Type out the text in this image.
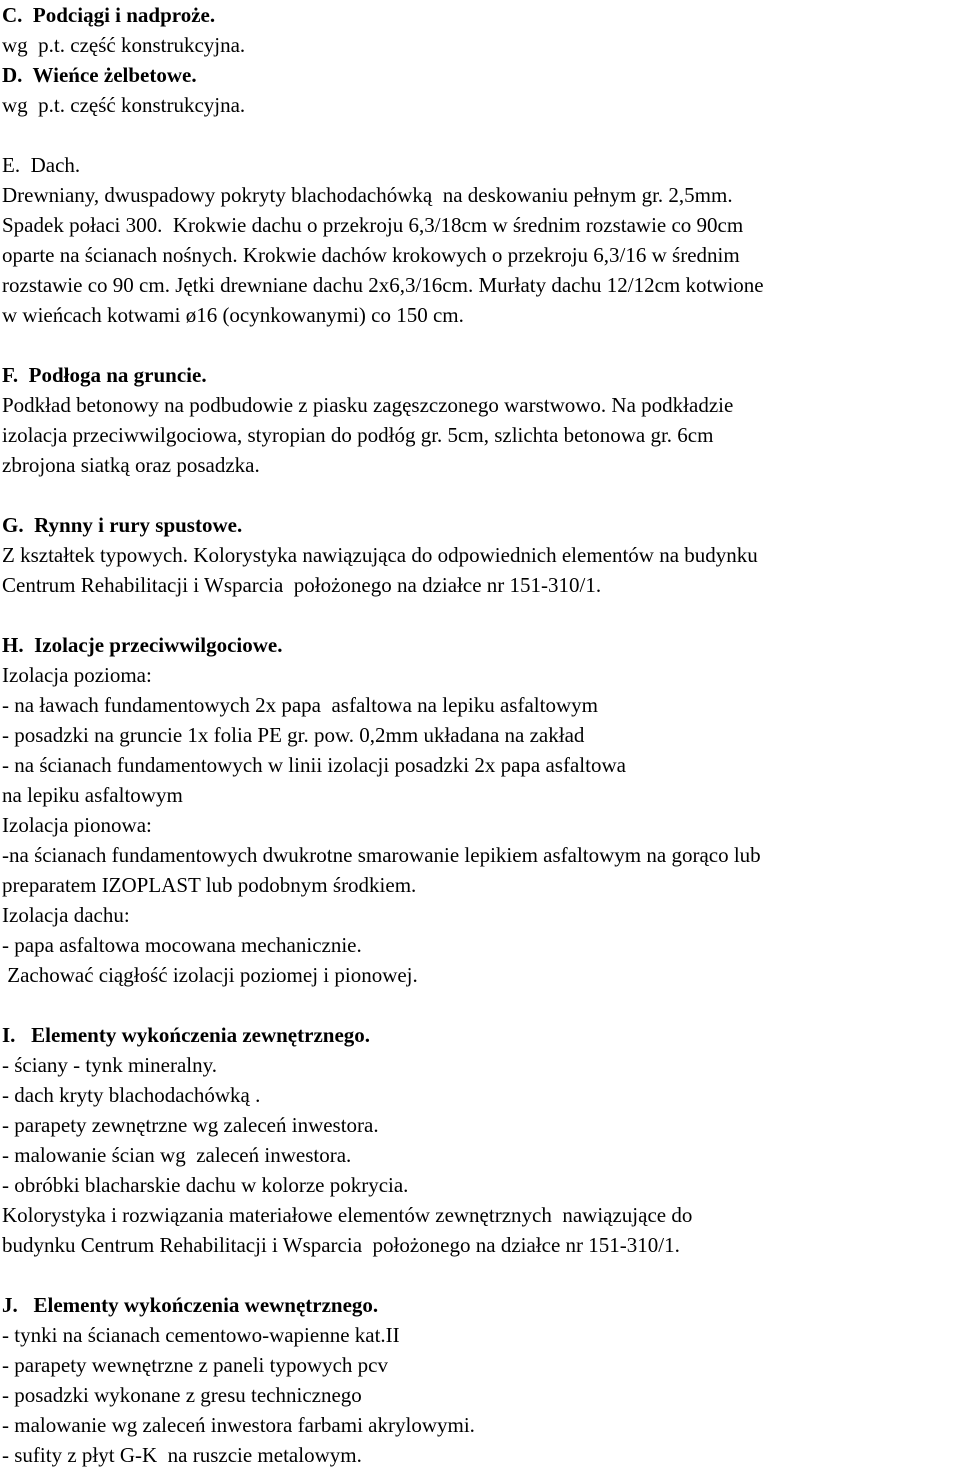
C.  Podciągi i nadproże.
wg  p.t. część konstrukcyjna.
D.  Wieńce żelbetowe.
wg  p.t. część konstrukcyjna.
E.  Dach.
Drewniany, dwuspadowy pokryty blachodachówką  na deskowaniu pełnym gr. 2,5mm.
Spadek połaci 300.  Krokwie dachu o przekroju 6,3/18cm w średnim rozstawie co 90cm
oparte na ścianach nośnych. Krokwie dachów krokowych o przekroju 6,3/16 w średnim
rozstawie co 90 cm. Jętki drewniane dachu 2x6,3/16cm. Murłaty dachu 12/12cm kotwione
w wieńcach kotwami ø16 (ocynkowanymi) co 150 cm.
F.  Podłoga na gruncie.
Podkład betonowy na podbudowie z piasku zagęszczonego warstwowo. Na podkładzie
izolacja przeciwwilgociowa, styropian do podłóg gr. 5cm, szlichta betonowa gr. 6cm
zbrojona siatką oraz posadzka.
G.  Rynny i rury spustowe.
Z kształtek typowych. Kolorystyka nawiązująca do odpowiednich elementów na budynku
Centrum Rehabilitacji i Wsparcia  położonego na działce nr 151-310/1.
H.  Izolacje przeciwwilgociowe.
Izolacja pozioma:
- na ławach fundamentowych 2x papa  asfaltowa na lepiku asfaltowym
- posadzki na gruncie 1x folia PE gr. pow. 0,2mm układana na zakład
- na ścianach fundamentowych w linii izolacji posadzki 2x papa asfaltowa
na lepiku asfaltowym
Izolacja pionowa:
-na ścianach fundamentowych dwukrotne smarowanie lepikiem asfaltowym na gorąco lub
preparatem IZOPLAST lub podobnym środkiem.
Izolacja dachu:
- papa asfaltowa mocowana mechanicznie.
Zachować ciągłość izolacji poziomej i pionowej.
I.   Elementy wykończenia zewnętrznego.
- ściany - tynk mineralny.
- dach kryty blachodachówką .
- parapety zewnętrzne wg zaleceń inwestora.
- malowanie ścian wg  zaleceń inwestora.
- obróbki blacharskie dachu w kolorze pokrycia.
Kolorystyka i rozwiązania materiałowe elementów zewnętrznych  nawiązujące do
budynku Centrum Rehabilitacji i Wsparcia  położonego na działce nr 151-310/1.
J.   Elementy wykończenia wewnętrznego.
- tynki na ścianach cementowo-wapienne kat.II
- parapety wewnętrzne z paneli typowych pcv
- posadzki wykonane z gresu technicznego
- malowanie wg zaleceń inwestora farbami akrylowymi.
- sufity z płyt G-K  na ruszcie metalowym.
